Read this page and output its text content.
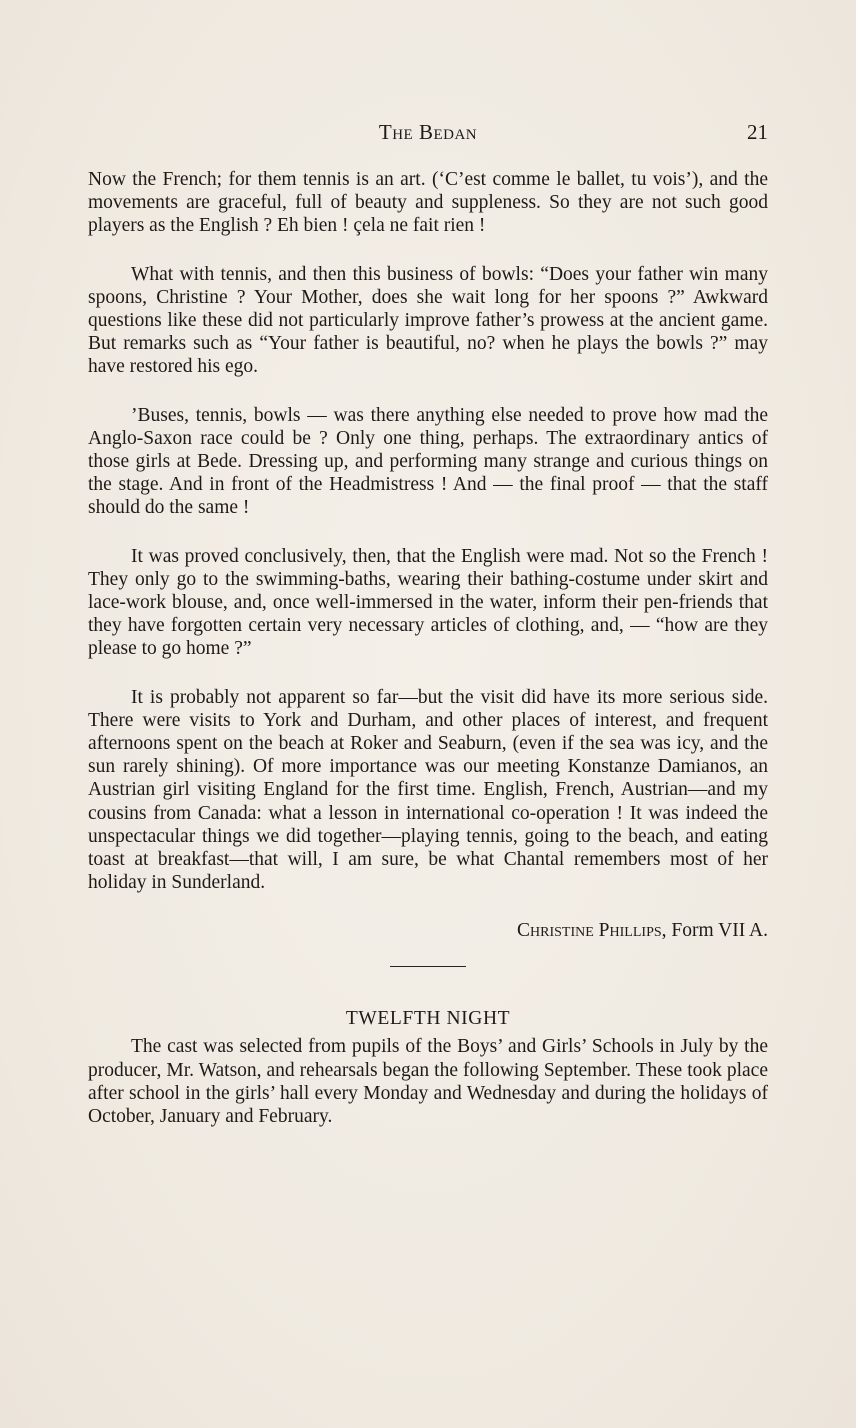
The Bedan	21

Now the French; for them tennis is an art. (‘C’est comme le ballet, tu vois’), and the movements are graceful, full of beauty and suppleness. So they are not such good players as the English ? Eh bien ! çela ne fait rien !

What with tennis, and then this business of bowls: “Does your father win many spoons, Christine ? Your Mother, does she wait long for her spoons ?” Awkward questions like these did not particularly improve father’s prowess at the ancient game. But remarks such as “Your father is beautiful, no? when he plays the bowls ?” may have restored his ego.

’Buses, tennis, bowls — was there anything else needed to prove how mad the Anglo-Saxon race could be ? Only one thing, perhaps. The extraordinary antics of those girls at Bede. Dressing up, and performing many strange and curious things on the stage. And in front of the Headmistress ! And — the final proof — that the staff should do the same !

It was proved conclusively, then, that the English were mad. Not so the French ! They only go to the swimming-baths, wearing their bathing-costume under skirt and lace-work blouse, and, once well-immersed in the water, inform their pen-friends that they have forgotten certain very necessary articles of clothing, and, — “how are they please to go home ?”

It is probably not apparent so far—but the visit did have its more serious side. There were visits to York and Durham, and other places of interest, and frequent afternoons spent on the beach at Roker and Seaburn, (even if the sea was icy, and the sun rarely shining). Of more importance was our meeting Konstanze Damianos, an Austrian girl visiting England for the first time. English, French, Austrian—and my cousins from Canada: what a lesson in international co-operation ! It was indeed the unspectacular things we did together—playing tennis, going to the beach, and eating toast at breakfast—that will, I am sure, be what Chantal remembers most of her holiday in Sunderland.

Christine Phillips, Form VII A.

TWELFTH NIGHT

The cast was selected from pupils of the Boys’ and Girls’ Schools in July by the producer, Mr. Watson, and rehearsals began the following September. These took place after school in the girls’ hall every Monday and Wednesday and during the holidays of October, January and February.
